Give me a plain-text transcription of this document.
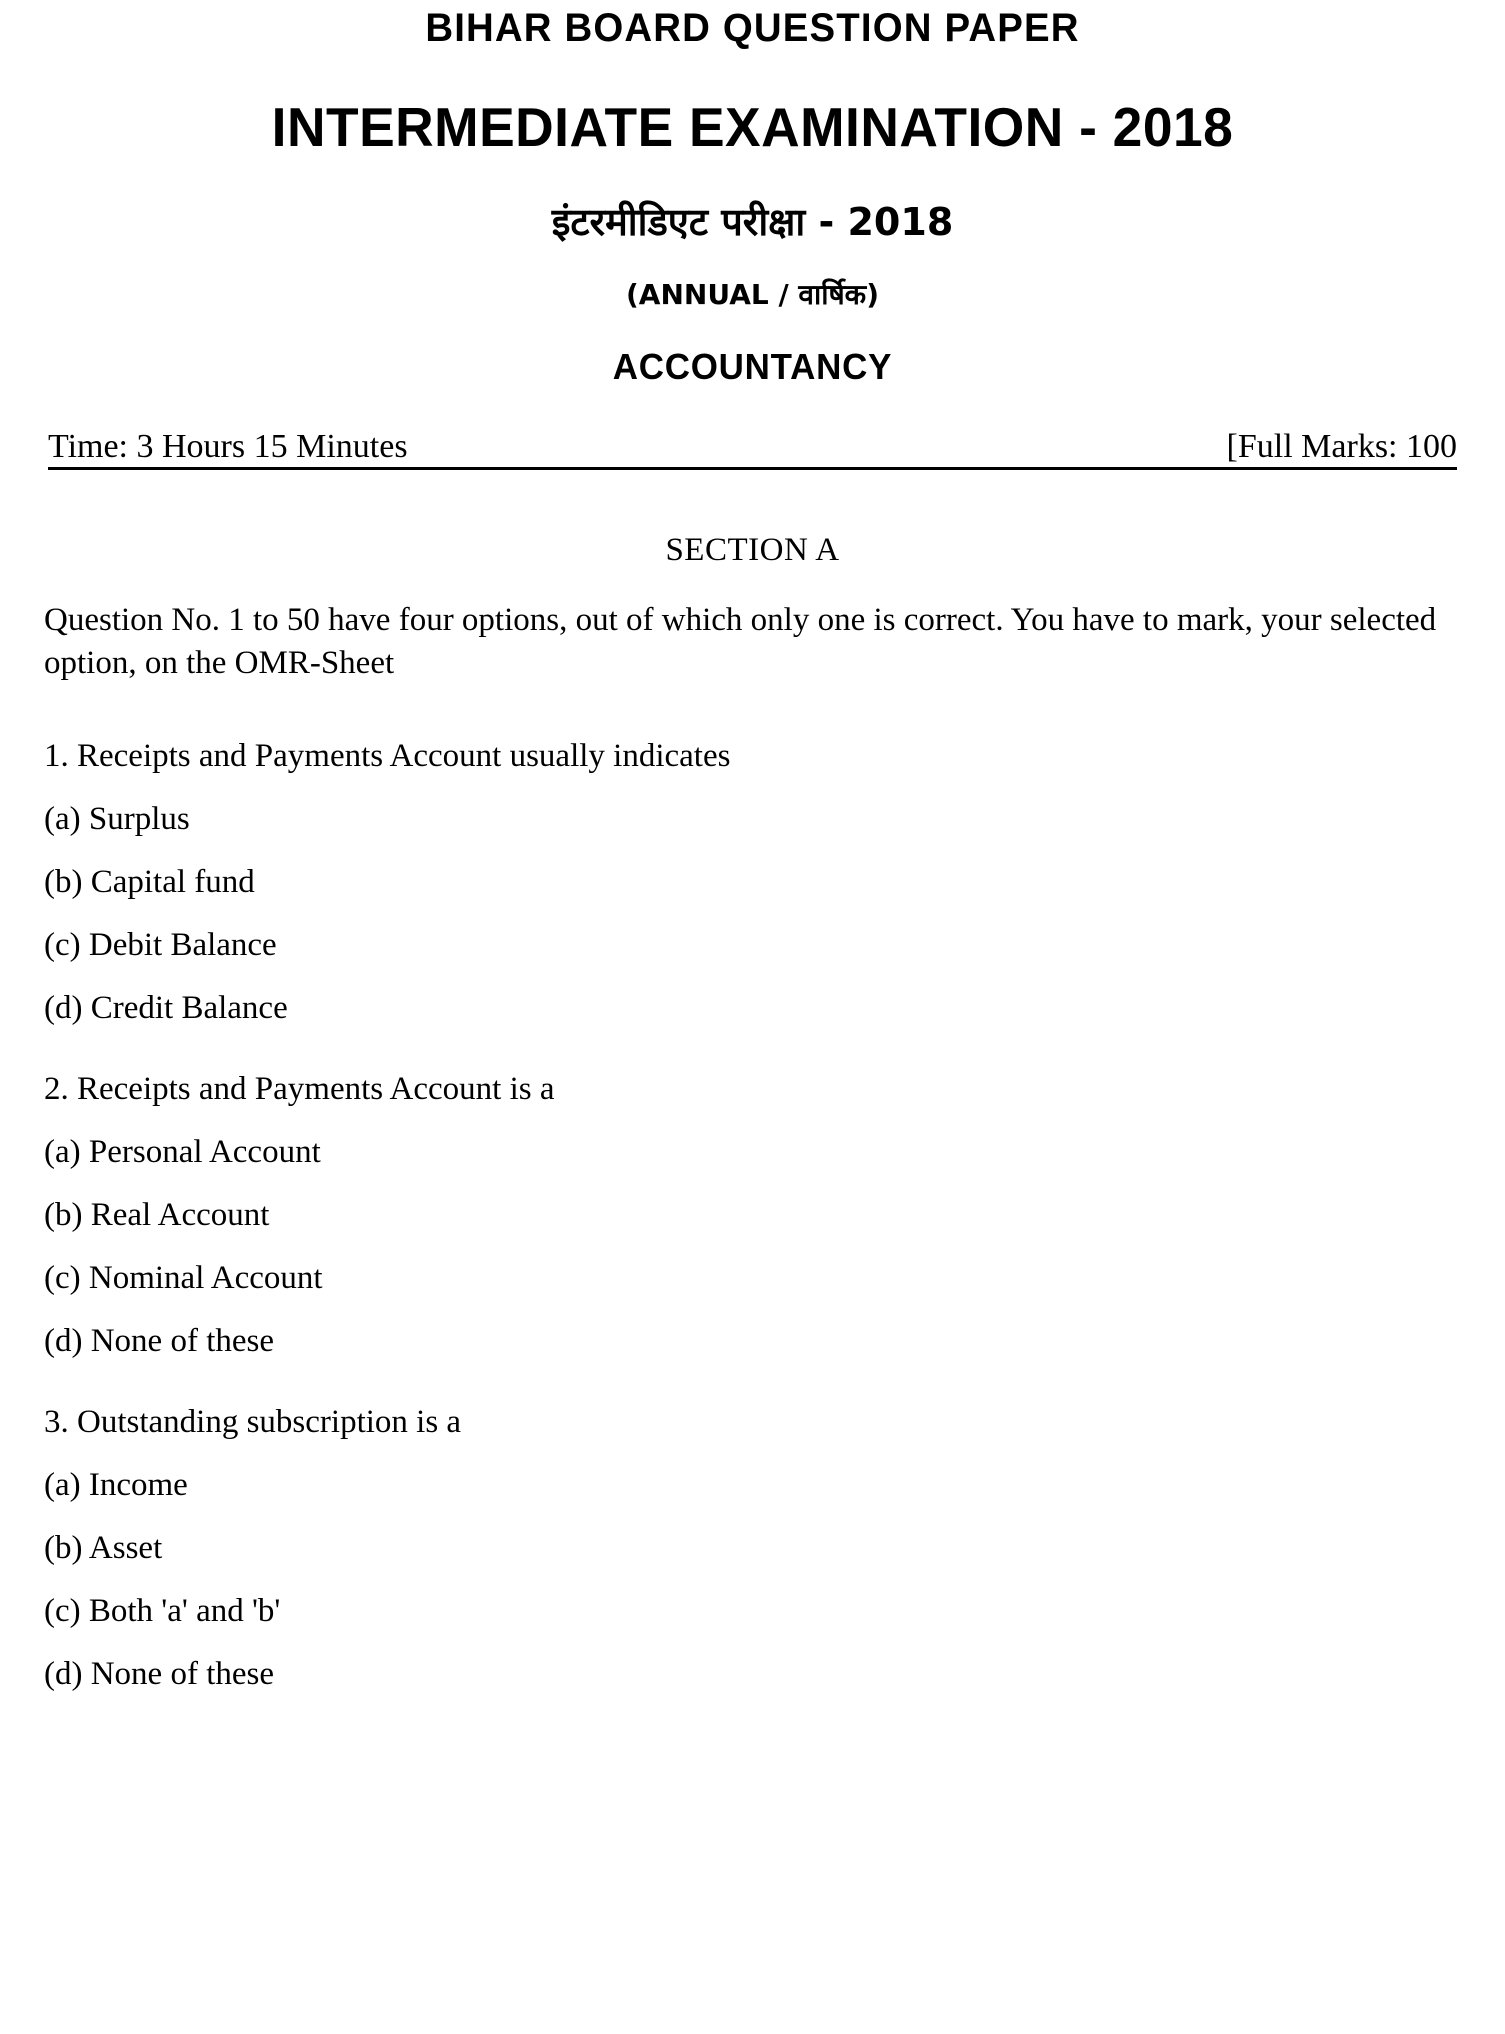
BIHAR BOARD QUESTION PAPER
INTERMEDIATE EXAMINATION - 2018
इंटरमीडिएट परीक्षा - 2018
(ANNUAL / वार्षिक)
ACCOUNTANCY
Time: 3 Hours 15 Minutes	[Full Marks: 100
SECTION A
Question No. 1 to 50 have four options, out of which only one is correct. You have to mark, your selected option, on the OMR-Sheet
1. Receipts and Payments Account usually indicates
(a) Surplus
(b) Capital fund
(c) Debit Balance
(d) Credit Balance
2. Receipts and Payments Account is a
(a) Personal Account
(b) Real Account
(c) Nominal Account
(d) None of these
3. Outstanding subscription is a
(a) Income
(b) Asset
(c) Both 'a' and 'b'
(d) None of these
